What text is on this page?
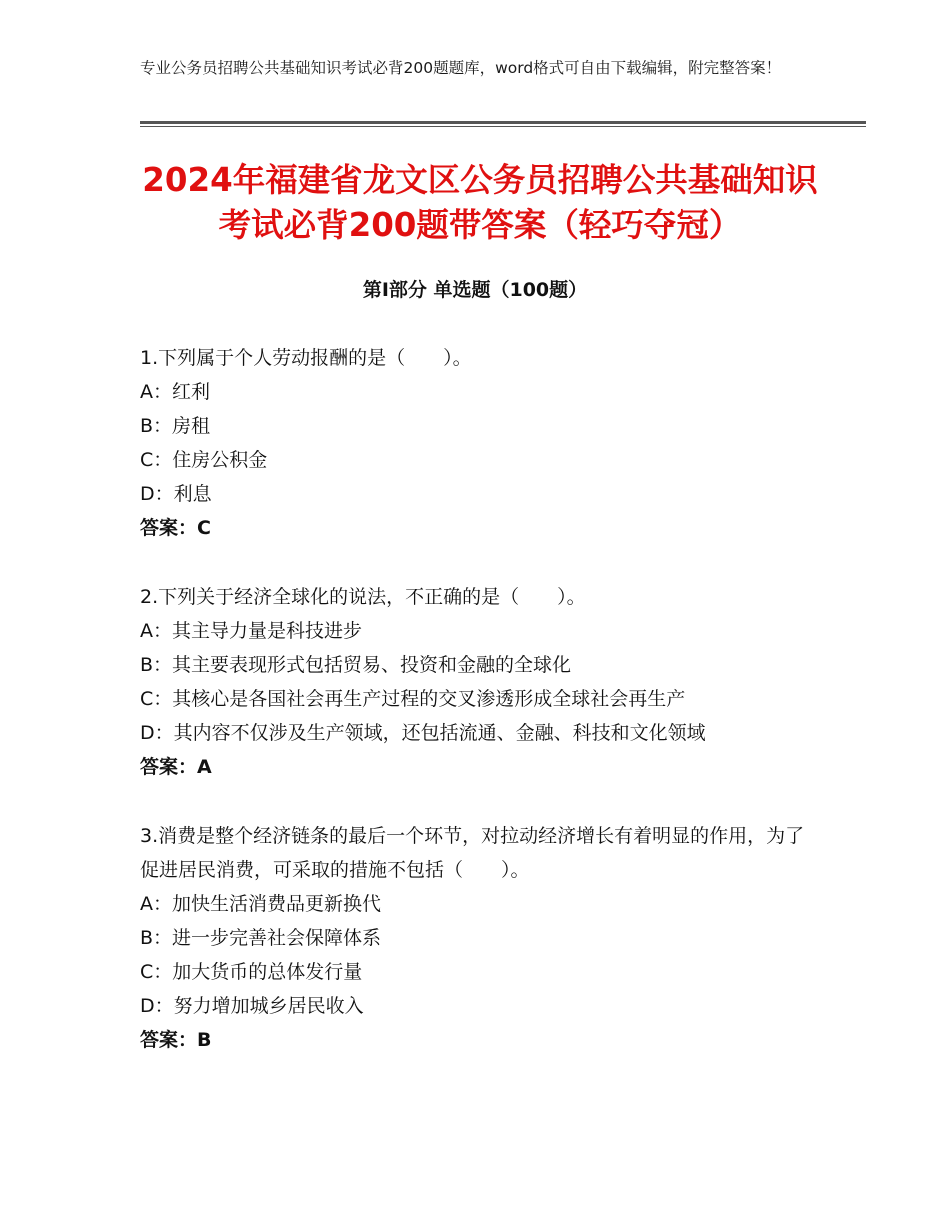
专业公务员招聘公共基础知识考试必背200题题库，word格式可自由下载编辑，附完整答案！
2024年福建省龙文区公务员招聘公共基础知识考试必背200题带答案（轻巧夺冠）
第Ⅰ部分 单选题（100题）

1.下列属于个人劳动报酬的是（　　）。

A：红利

B：房租

C：住房公积金

D：利息

答案：C

2.下列关于经济全球化的说法，不正确的是（　　）。

A：其主导力量是科技进步

B：其主要表现形式包括贸易、投资和金融的全球化

C：其核心是各国社会再生产过程的交叉渗透形成全球社会再生产

D：其内容不仅涉及生产领域，还包括流通、金融、科技和文化领域

答案：A

3.消费是整个经济链条的最后一个环节，对拉动经济增长有着明显的作用，为了促进居民消费，可采取的措施不包括（　　）。

A：加快生活消费品更新换代

B：进一步完善社会保障体系

C：加大货币的总体发行量

D：努力增加城乡居民收入

答案：B
